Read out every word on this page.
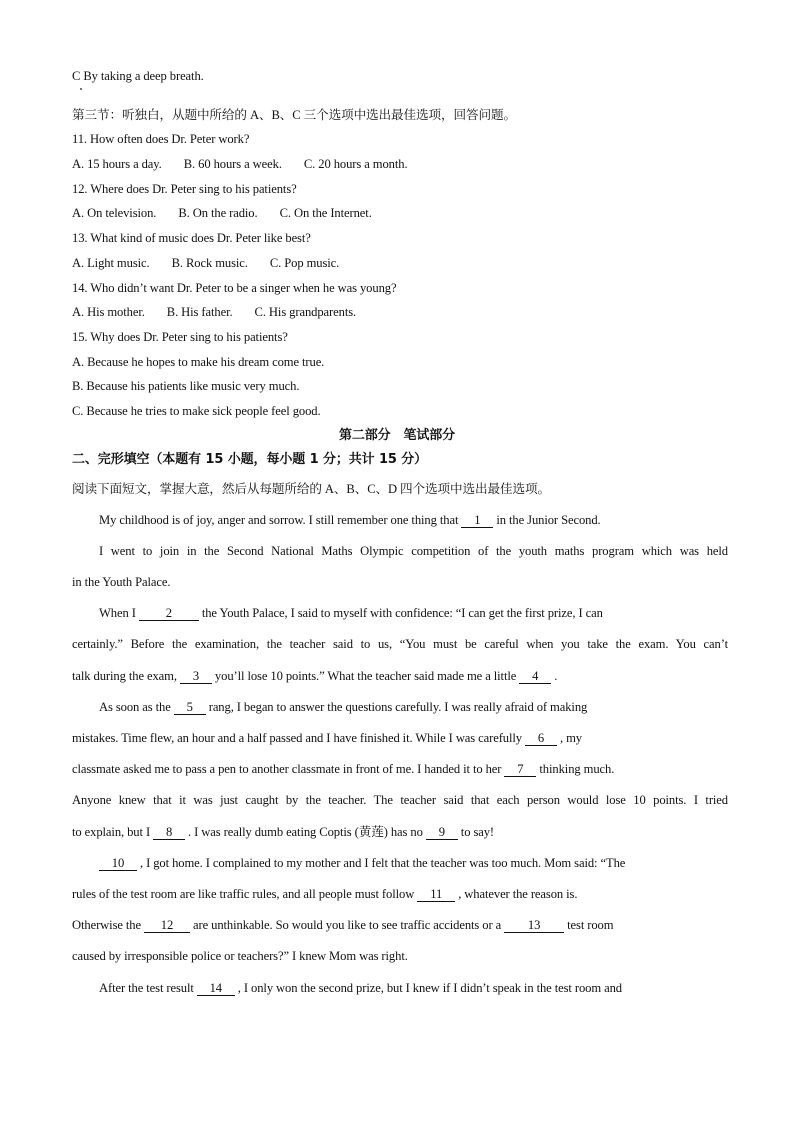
C By taking a deep breath.
第三节：听独白，从题中所给的 A、B、C 三个选项中选出最佳选项，回答问题。
11. How often does Dr. Peter work?
A. 15 hours a day. B. 60 hours a week. C. 20 hours a month.
12. Where does Dr. Peter sing to his patients?
A. On television. B. On the radio. C. On the Internet.
13. What kind of music does Dr. Peter like best?
A. Light music. B. Rock music. C. Pop music.
14. Who didn’t want Dr. Peter to be a singer when he was young?
A. His mother. B. His father. C. His grandparents.
15. Why does Dr. Peter sing to his patients?
A. Because he hopes to make his dream come true.
B. Because his patients like music very much.
C. Because he tries to make sick people feel good.
第二部分　笔试部分
二、完形填空（本题有 15 小题，每小题 1 分；共计 15 分）
阅读下面短文，掌握大意，然后从每题所给的 A、B、C、D 四个选项中选出最佳选项。
My childhood is of joy, anger and sorrow. I still remember one thing that 1 in the Junior Second.
I went to join in the Second National Maths Olympic competition of the youth maths program which was held
in the Youth Palace.
When I 2 the Youth Palace, I said to myself with confidence: “I can get the first prize, I can
certainly.” Before the examination, the teacher said to us, “You must be careful when you take the exam. You can’t
talk during the exam, 3 you’ll lose 10 points.” What the teacher said made me a little 4 .
As soon as the 5 rang, I began to answer the questions carefully. I was really afraid of making
mistakes. Time flew, an hour and a half passed and I have finished it. While I was carefully 6 , my
classmate asked me to pass a pen to another classmate in front of me. I handed it to her 7 thinking much.
Anyone knew that it was just caught by the teacher. The teacher said that each person would lose 10 points. I tried
to explain, but I 8 . I was really dumb eating Coptis (黄莲) has no 9 to say!
10 , I got home. I complained to my mother and I felt that the teacher was too much. Mom said: “The
rules of the test room are like traffic rules, and all people must follow 11 , whatever the reason is.
Otherwise the 12 are unthinkable. So would you like to see traffic accidents or a 13 test room
caused by irresponsible police or teachers?” I knew Mom was right.
After the test result 14 , I only won the second prize, but I knew if I didn’t speak in the test room and
